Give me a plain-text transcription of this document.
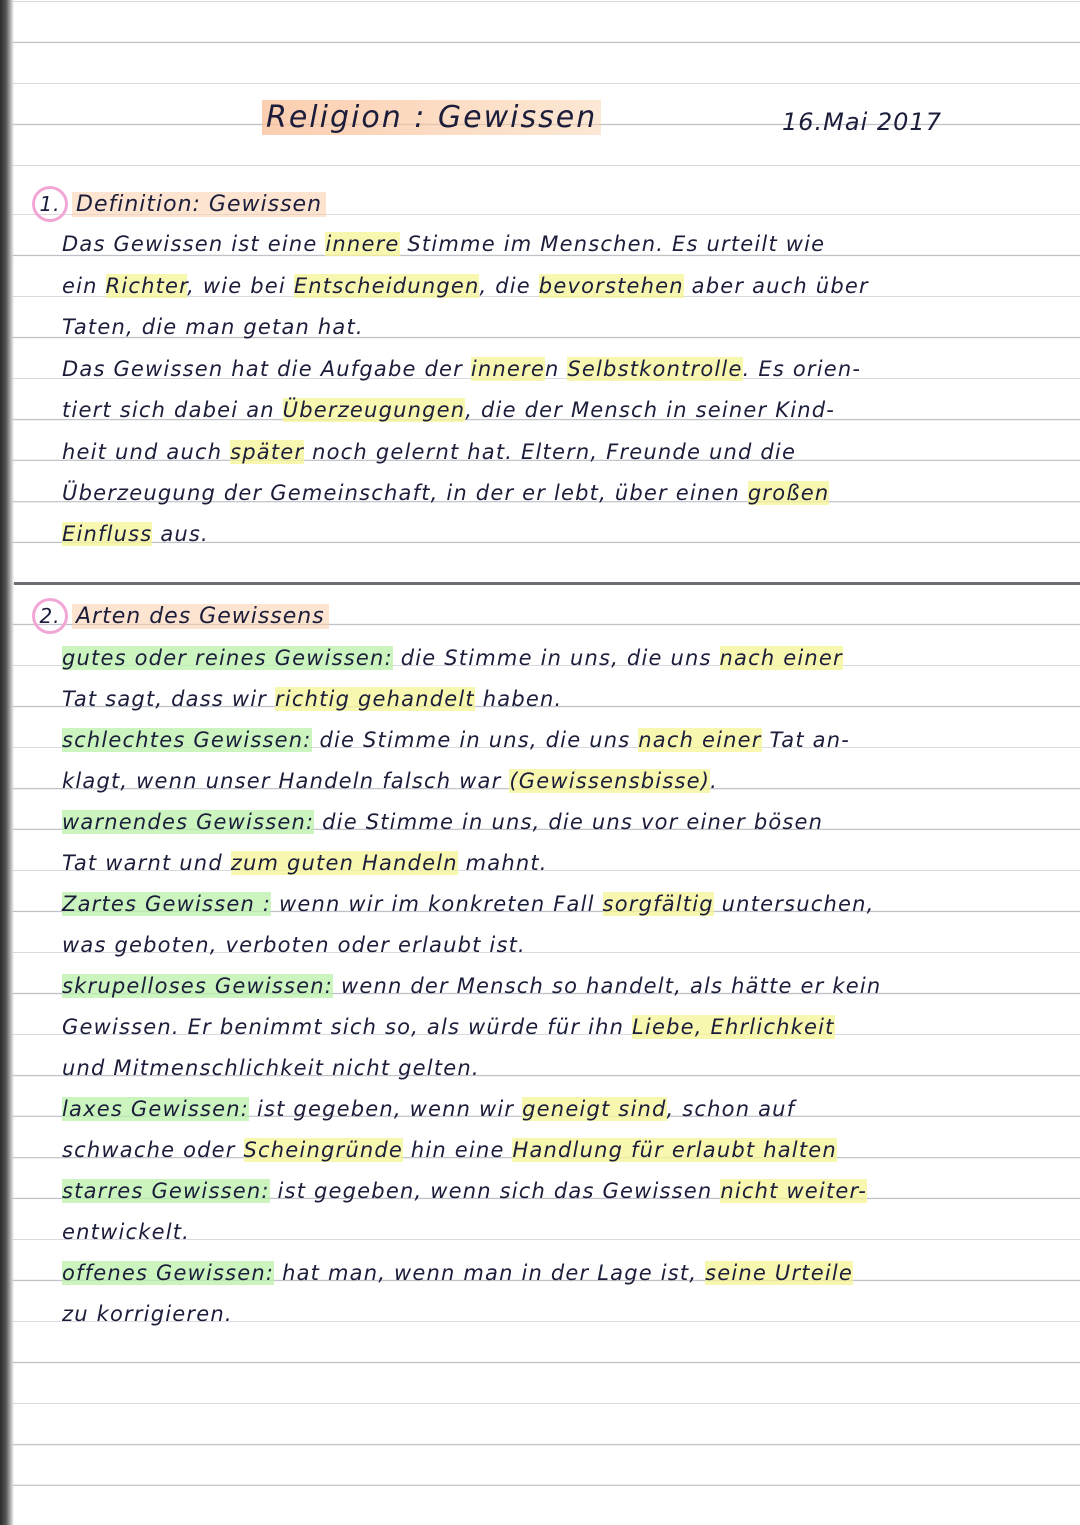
Religion : Gewissen	16.Mai 2017
1. Definition: Gewissen
Das Gewissen ist eine innere Stimme im Menschen. Es urteilt wie
ein Richter, wie bei Entscheidungen, die bevorstehen aber auch über
Taten, die man getan hat.
Das Gewissen hat die Aufgabe der inneren Selbstkontrolle. Es orien-
tiert sich dabei an Überzeugungen, die der Mensch in seiner Kind-
heit und auch später noch gelernt hat. Eltern, Freunde und die
Überzeugung der Gemeinschaft, in der er lebt, über einen großen
Einfluss aus.
2. Arten des Gewissens
gutes oder reines Gewissen: die Stimme in uns, die uns nach einer
Tat sagt, dass wir richtig gehandelt haben.
schlechtes Gewissen: die Stimme in uns, die uns nach einer Tat an-
klagt, wenn unser Handeln falsch war (Gewissensbisse).
warnendes Gewissen: die Stimme in uns, die uns vor einer bösen
Tat warnt und zum guten Handeln mahnt.
Zartes Gewissen : wenn wir im konkreten Fall sorgfältig untersuchen,
was geboten, verboten oder erlaubt ist.
skrupelloses Gewissen: wenn der Mensch so handelt, als hätte er kein
Gewissen. Er benimmt sich so, als würde für ihn Liebe, Ehrlichkeit
und Mitmenschlichkeit nicht gelten.
laxes Gewissen: ist gegeben, wenn wir geneigt sind, schon auf
schwache oder Scheingründe hin eine Handlung für erlaubt halten
starres Gewissen: ist gegeben, wenn sich das Gewissen nicht weiter-
entwickelt.
offenes Gewissen: hat man, wenn man in der Lage ist, seine Urteile
zu korrigieren.
